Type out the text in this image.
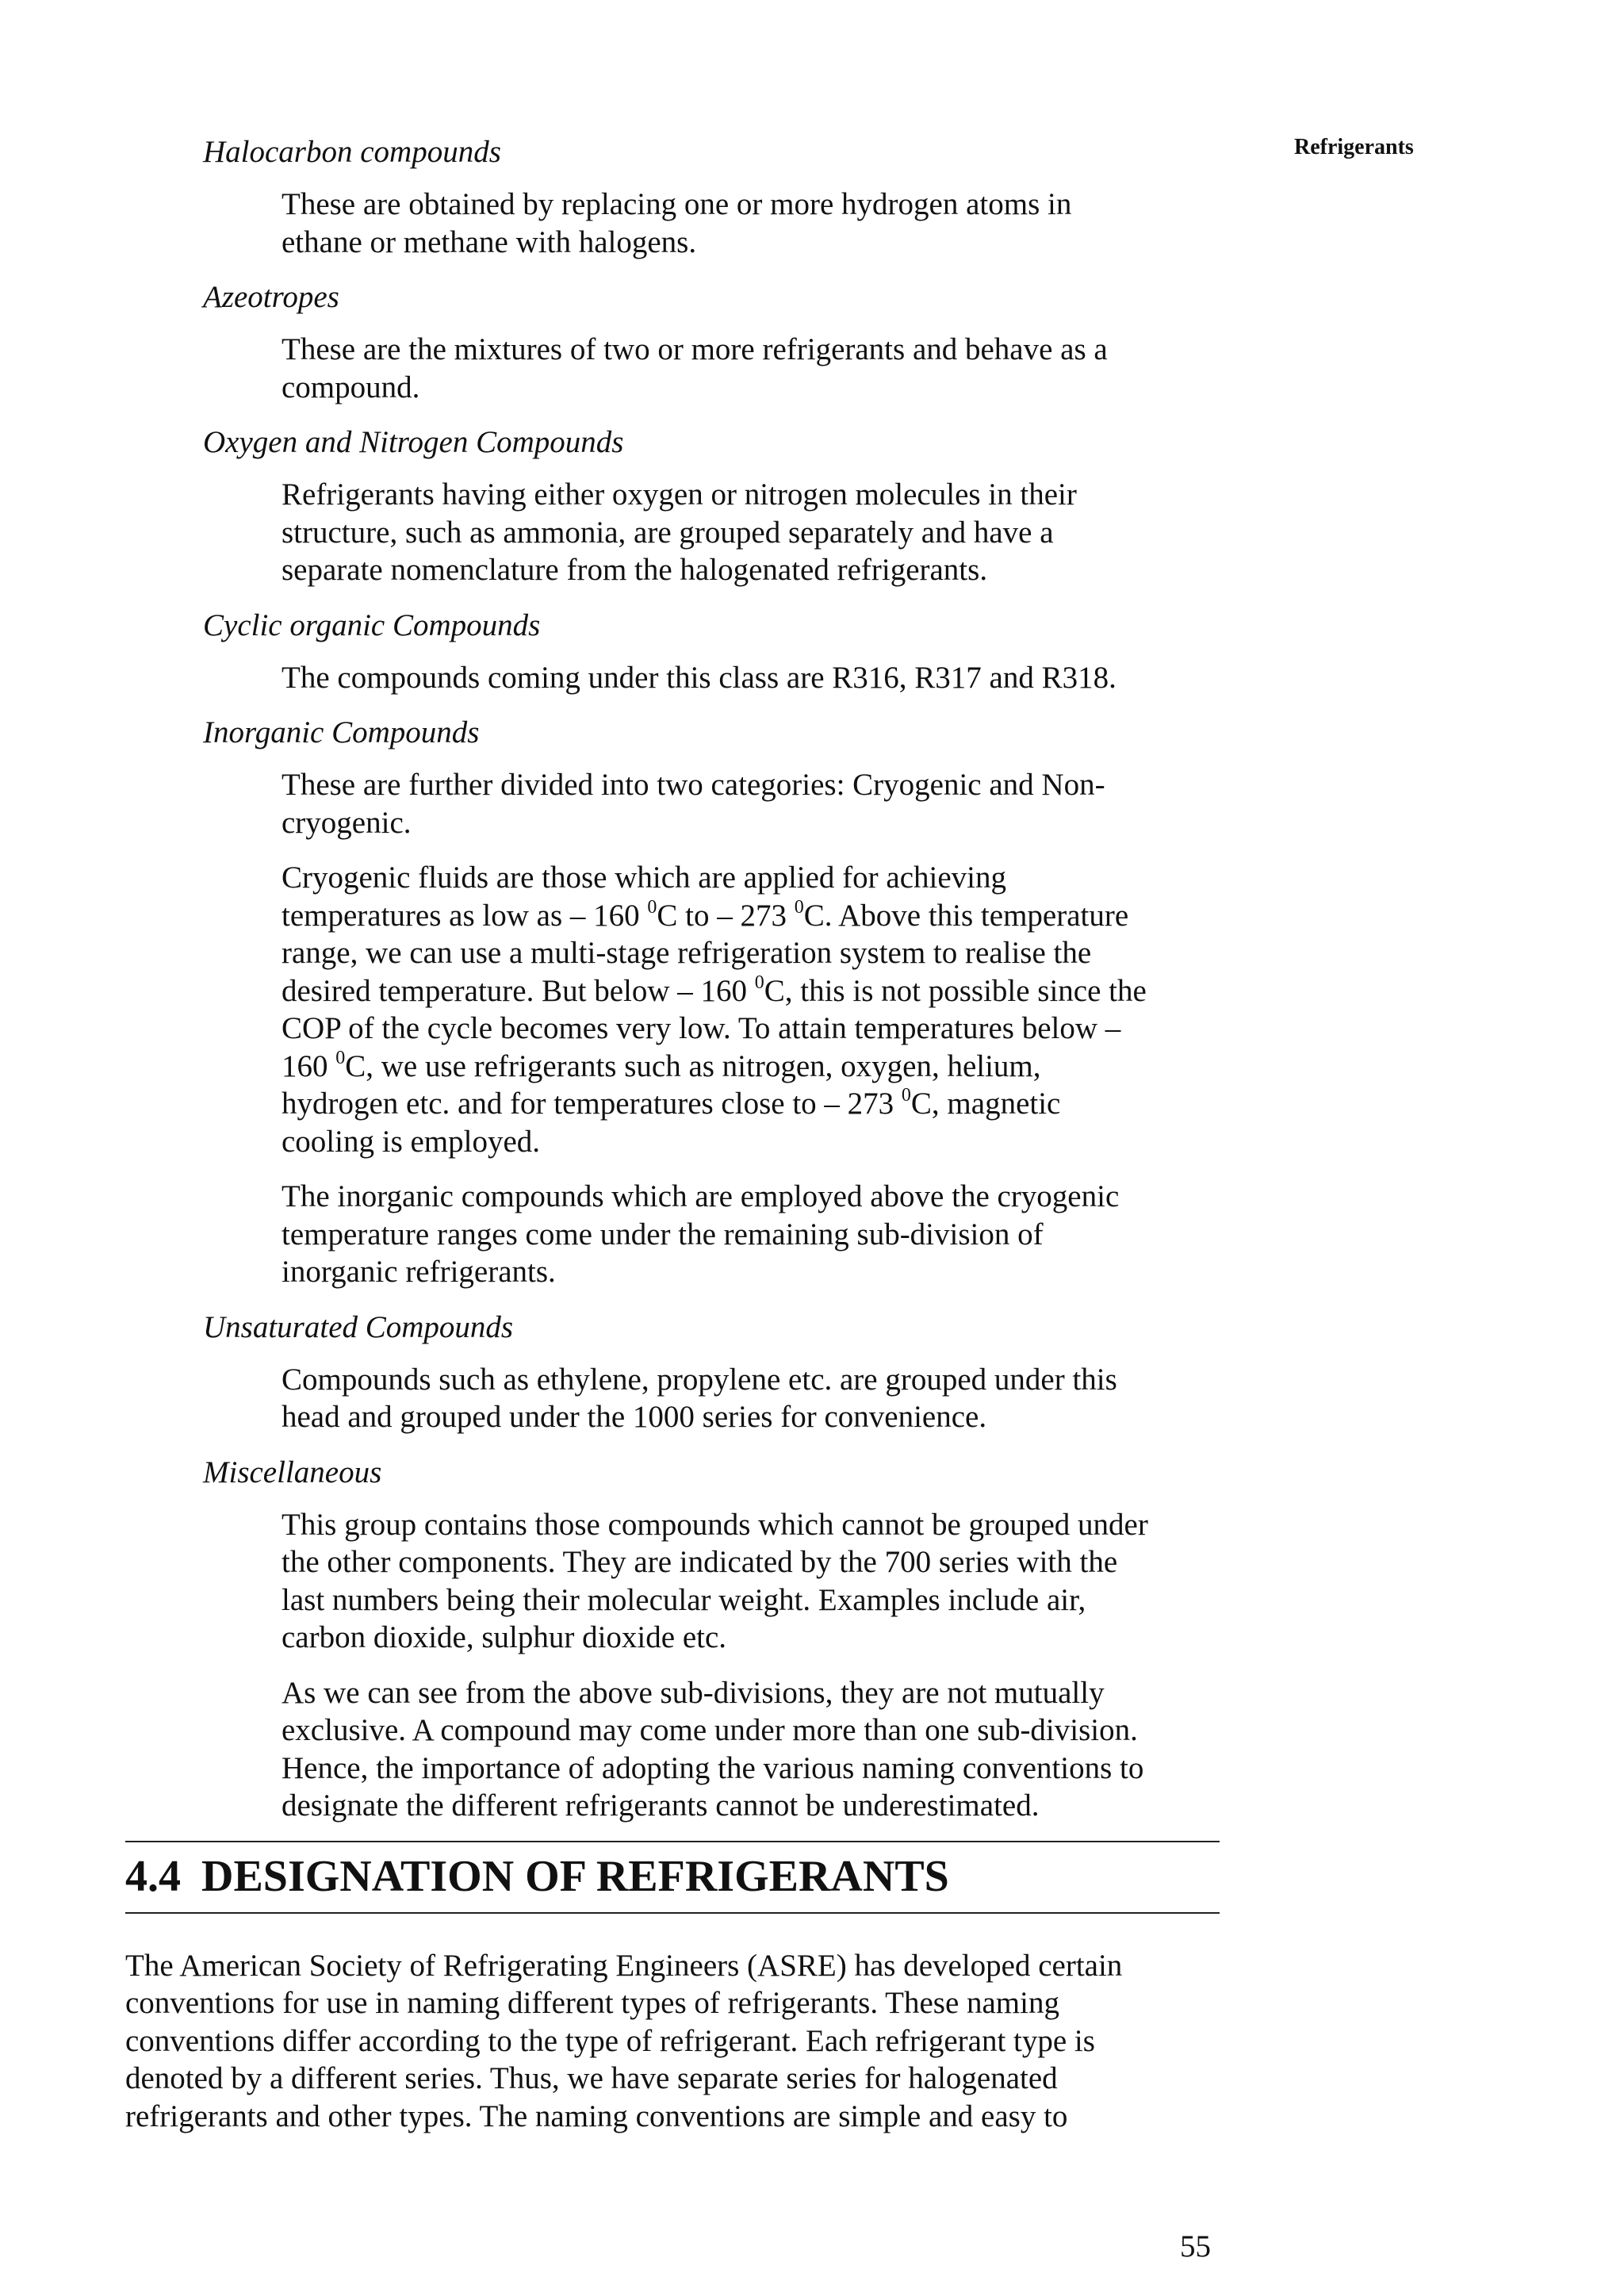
Refrigerants
Halocarbon compounds
These are obtained by replacing one or more hydrogen atoms in
ethane or methane with halogens.
Azeotropes
These are the mixtures of two or more refrigerants and behave as a
compound.
Oxygen and Nitrogen Compounds
Refrigerants having either oxygen or nitrogen molecules in their
structure, such as ammonia, are grouped separately and have a
separate nomenclature from the halogenated refrigerants.
Cyclic organic Compounds
The compounds coming under this class are R316, R317 and R318.
Inorganic Compounds
These are further divided into two categories: Cryogenic and Non-
cryogenic.
Cryogenic fluids are those which are applied for achieving
temperatures as low as – 160 $^0$C to – 273 $^0$C. Above this temperature
range, we can use a multi-stage refrigeration system to realise the
desired temperature. But below – 160 $^0$C, this is not possible since the
COP of the cycle becomes very low. To attain temperatures below –
160 $^0$C, we use refrigerants such as nitrogen, oxygen, helium,
hydrogen etc. and for temperatures close to – 273 $^0$C, magnetic
cooling is employed.
The inorganic compounds which are employed above the cryogenic
temperature ranges come under the remaining sub-division of
inorganic refrigerants.
Unsaturated Compounds
Compounds such as ethylene, propylene etc. are grouped under this
head and grouped under the 1000 series for convenience.
Miscellaneous
This group contains those compounds which cannot be grouped under
the other components. They are indicated by the 700 series with the
last numbers being their molecular weight. Examples include air,
carbon dioxide, sulphur dioxide etc.
As we can see from the above sub-divisions, they are not mutually
exclusive. A compound may come under more than one sub-division.
Hence, the importance of adopting the various naming conventions to
designate the different refrigerants cannot be underestimated.
4.4 DESIGNATION OF REFRIGERANTS
The American Society of Refrigerating Engineers (ASRE) has developed certain
conventions for use in naming different types of refrigerants. These naming
conventions differ according to the type of refrigerant. Each refrigerant type is
denoted by a different series. Thus, we have separate series for halogenated
refrigerants and other types. The naming conventions are simple and easy to
55
